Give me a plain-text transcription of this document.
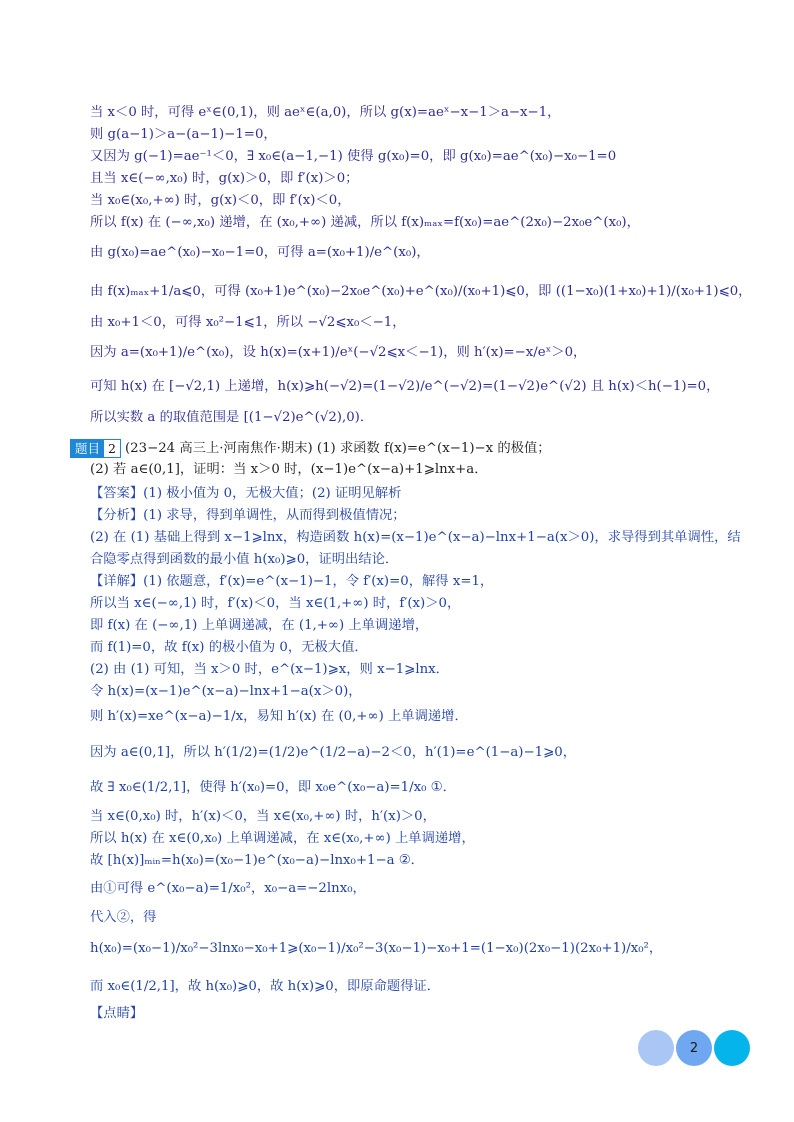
当 x＜0 时，可得 eˣ∈(0,1)，则 aeˣ∈(a,0)，所以 g(x)=aeˣ−x−1＞a−x−1，
则 g(a−1)＞a−(a−1)−1=0，
又因为 g(−1)=ae⁻¹＜0，∃ x₀∈(a−1,−1) 使得 g(x₀)=0，即 g(x₀)=ae^(x₀)−x₀−1=0
且当 x∈(−∞,x₀) 时，g(x)＞0，即 f′(x)＞0；
当 x₀∈(x₀,+∞) 时，g(x)＜0，即 f′(x)＜0，
所以 f(x) 在 (−∞,x₀) 递增，在 (x₀,+∞) 递减，所以 f(x)ₘₐₓ=f(x₀)=ae^(2x₀)−2x₀e^(x₀)，
由 g(x₀)=ae^(x₀)−x₀−1=0，可得 a=(x₀+1)/e^(x₀)，
由 f(x)ₘₐₓ+1/a⩽0，可得 (x₀+1)e^(x₀)−2x₀e^(x₀)+e^(x₀)/(x₀+1)⩽0，即 ((1−x₀)(1+x₀)+1)/(x₀+1)⩽0，
由 x₀+1＜0，可得 x₀²−1⩽1，所以 −√2⩽x₀＜−1，
因为 a=(x₀+1)/e^(x₀)，设 h(x)=(x+1)/eˣ(−√2⩽x＜−1)，则 h′(x)=−x/eˣ＞0，
可知 h(x) 在 [−√2,1) 上递增，h(x)⩾h(−√2)=(1−√2)/e^(−√2)=(1−√2)e^(√2) 且 h(x)＜h(−1)=0，
所以实数 a 的取值范围是 [(1−√2)e^(√2),0)．
题目 2 (23−24 高三上·河南焦作·期末) (1) 求函数 f(x)=e^(x−1)−x 的极值；
(2) 若 a∈(0,1]，证明：当 x＞0 时，(x−1)e^(x−a)+1⩾lnx+a．
【答案】(1) 极小值为 0，无极大值；(2) 证明见解析
【分析】(1) 求导，得到单调性，从而得到极值情况；
(2) 在 (1) 基础上得到 x−1⩾lnx，构造函数 h(x)=(x−1)e^(x−a)−lnx+1−a(x＞0)，求导得到其单调性，结
合隐零点得到函数的最小值 h(x₀)⩾0，证明出结论．
【详解】(1) 依题意，f′(x)=e^(x−1)−1，令 f′(x)=0，解得 x=1，
所以当 x∈(−∞,1) 时，f′(x)＜0，当 x∈(1,+∞) 时，f′(x)＞0，
即 f(x) 在 (−∞,1) 上单调递减，在 (1,+∞) 上单调递增，
而 f(1)=0，故 f(x) 的极小值为 0，无极大值．
(2) 由 (1) 可知，当 x＞0 时，e^(x−1)⩾x，则 x−1⩾lnx．
令 h(x)=(x−1)e^(x−a)−lnx+1−a(x＞0)，
则 h′(x)=xe^(x−a)−1/x，易知 h′(x) 在 (0,+∞) 上单调递增．
因为 a∈(0,1]，所以 h′(1/2)=(1/2)e^(1/2−a)−2＜0，h′(1)=e^(1−a)−1⩾0，
故 ∃ x₀∈(1/2,1]，使得 h′(x₀)=0，即 x₀e^(x₀−a)=1/x₀ ①．
当 x∈(0,x₀) 时，h′(x)＜0，当 x∈(x₀,+∞) 时，h′(x)＞0，
所以 h(x) 在 x∈(0,x₀) 上单调递减，在 x∈(x₀,+∞) 上单调递增，
故 [h(x)]ₘᵢₙ=h(x₀)=(x₀−1)e^(x₀−a)−lnx₀+1−a ②．
由①可得 e^(x₀−a)=1/x₀²，x₀−a=−2lnx₀，
代入②，得
h(x₀)=(x₀−1)/x₀²−3lnx₀−x₀+1⩾(x₀−1)/x₀²−3(x₀−1)−x₀+1=(1−x₀)(2x₀−1)(2x₀+1)/x₀²，
而 x₀∈(1/2,1]，故 h(x₀)⩾0，故 h(x)⩾0，即原命题得证．
【点睛】
2
